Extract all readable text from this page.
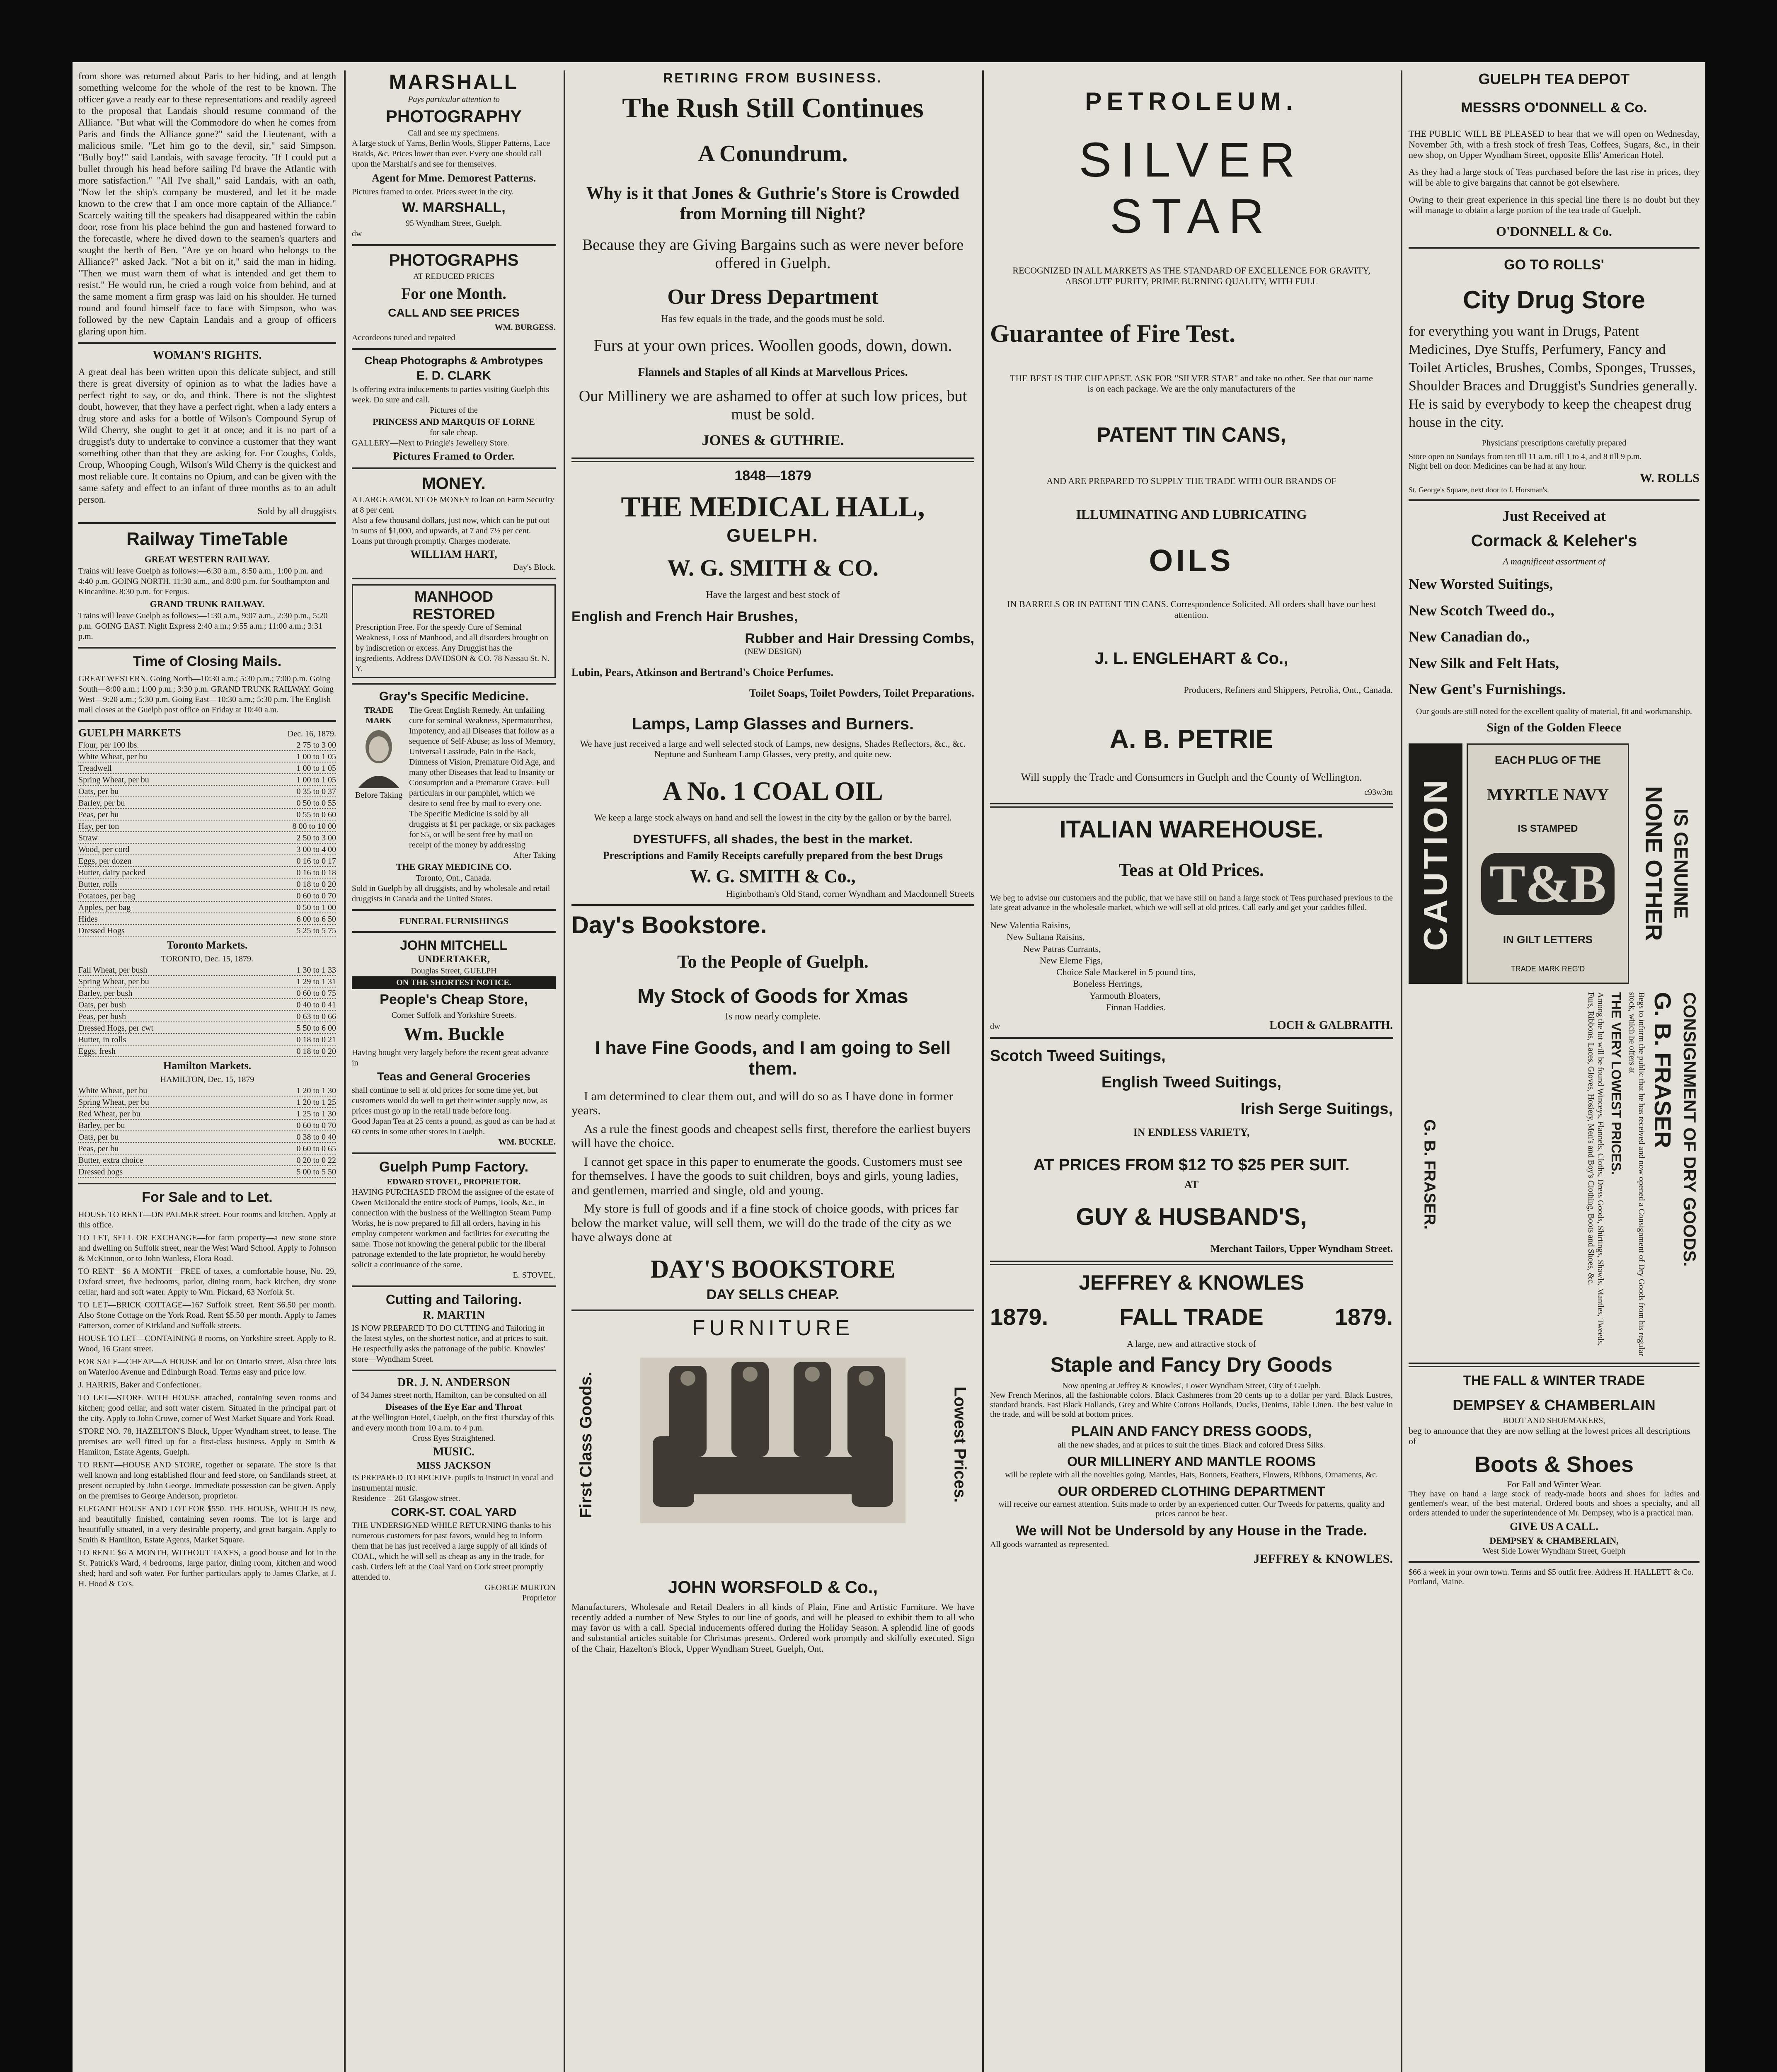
from shore was returned about Paris to her hiding, and at length something welcome for the whole of the rest to be known. The officer gave a ready ear to these representations and readily agreed to the proposal that Landais should resume command of the Alliance. "But what will the Commodore do when he comes from Paris and finds the Alliance gone?" said the Lieutenant, with a malicious smile. "Let him go to the devil, sir," said Simpson. "Bully boy!" said Landais, with savage ferocity. "If I could put a bullet through his head before sailing I'd brave the Atlantic with more satisfaction." "All I've shall," said Landais, with an oath, "Now let the ship's company be mustered, and let it be made known to the crew that I am once more captain of the Alliance." Scarcely waiting till the speakers had disappeared within the cabin door, rose from his place behind the gun and hastened forward to the forecastle, where he dived down to the seamen's quarters and sought the berth of Ben. "Are ye on board who belongs to the Alliance?" asked Jack. "Not a bit on it," said the man in hiding. "Then we must warn them of what is intended and get them to resist." He would run, he cried a rough voice from behind, and at the same moment a firm grasp was laid on his shoulder. He turned round and found himself face to face with Simpson, who was followed by the new Captain Landais and a group of officers glaring upon him.

WOMAN'S RIGHTS.

A great deal has been written upon this delicate subject, and still there is great diversity of opinion as to what the ladies have a perfect right to say, or do, and think. There is not the slightest doubt, however, that they have a perfect right, when a lady enters a drug store and asks for a bottle of Wilson's Compound Syrup of Wild Cherry, she ought to get it at once; and it is no part of a druggist's duty to undertake to convince a customer that they want something other than that they are asking for. For Coughs, Colds, Croup, Whooping Cough, Wilson's Wild Cherry is the quickest and most reliable cure. It contains no Opium, and can be given with the same safety and effect to an infant of three months as to an adult person.

Sold by all druggists

Railway TimeTable

GREAT WESTERN RAILWAY.

Trains will leave Guelph as follows:—6:30 a.m., 8:50 a.m., 1:00 p.m. and 4:40 p.m. GOING NORTH. 11:30 a.m., and 8:00 p.m. for Southampton and Kincardine. 8:30 p.m. for Fergus.

GRAND TRUNK RAILWAY.

Trains will leave Guelph as follows:—1:30 a.m., 9:07 a.m., 2:30 p.m., 5:20 p.m. GOING EAST. Night Express 2:40 a.m.; 9:55 a.m.; 11:00 a.m.; 3:31 p.m.

Time of Closing Mails.

GREAT WESTERN. Going North—10:30 a.m.; 5:30 p.m.; 7:00 p.m. Going South—8:00 a.m.; 1:00 p.m.; 3:30 p.m. GRAND TRUNK RAILWAY. Going West—9:20 a.m.; 5:30 p.m. Going East—10:30 a.m.; 5:30 p.m. The English mail closes at the Guelph post office on Friday at 10:40 a.m.

GUELPH MARKETS	Dec. 16, 1879.
Flour, per 100 lbs.	2 75 to 3 00
White Wheat, per bu	1 00 to 1 05
Treadwell	1 00 to 1 05
Spring Wheat, per bu	1 00 to 1 05
Oats, per bu	0 35 to 0 37
Barley, per bu	0 50 to 0 55
Peas, per bu	0 55 to 0 60
Hay, per ton	8 00 to 10 00
Straw	2 50 to 3 00
Wood, per cord	3 00 to 4 00
Eggs, per dozen	0 16 to 0 17
Butter, dairy packed	0 16 to 0 18
Butter, rolls	0 18 to 0 20
Potatoes, per bag	0 60 to 0 70
Apples, per bag	0 50 to 1 00
Hides	6 00 to 6 50
Dressed Hogs	5 25 to 5 75

Toronto Markets.

TORONTO, Dec. 15, 1879.

Fall Wheat, per bush	1 30 to 1 33
Spring Wheat, per bu	1 29 to 1 31
Barley, per bush	0 60 to 0 75
Oats, per bush	0 40 to 0 41
Peas, per bush	0 63 to 0 66
Dressed Hogs, per cwt	5 50 to 6 00
Butter, in rolls	0 18 to 0 21
Eggs, fresh	0 18 to 0 20

Hamilton Markets.

HAMILTON, Dec. 15, 1879

White Wheat, per bu	1 20 to 1 30
Spring Wheat, per bu	1 20 to 1 25
Red Wheat, per bu	1 25 to 1 30
Barley, per bu	0 60 to 0 70
Oats, per bu	0 38 to 0 40
Peas, per bu	0 60 to 0 65
Butter, extra choice	0 20 to 0 22
Dressed hogs	5 00 to 5 50

For Sale and to Let.

HOUSE TO RENT—ON PALMER street. Four rooms and kitchen. Apply at this office.

TO LET, SELL OR EXCHANGE—for farm property—a new stone store and dwelling on Suffolk street, near the West Ward School. Apply to Johnson & McKinnon, or to John Wanless, Elora Road.

TO RENT—$6 A MONTH—FREE of taxes, a comfortable house, No. 29, Oxford street, five bedrooms, parlor, dining room, back kitchen, dry stone cellar, hard and soft water. Apply to Wm. Pickard, 63 Norfolk St.

TO LET—BRICK COTTAGE—167 Suffolk street. Rent $6.50 per month. Also Stone Cottage on the York Road. Rent $5.50 per month. Apply to James Patterson, corner of Kirkland and Suffolk streets.

HOUSE TO LET—CONTAINING 8 rooms, on Yorkshire street. Apply to R. Wood, 16 Grant street.

FOR SALE—CHEAP—A HOUSE and lot on Ontario street. Also three lots on Waterloo Avenue and Edinburgh Road. Terms easy and price low.

J. HARRIS, Baker and Confectioner.

TO LET—STORE WITH HOUSE attached, containing seven rooms and kitchen; good cellar, and soft water cistern. Situated in the principal part of the city. Apply to John Crowe, corner of West Market Square and York Road.

STORE NO. 78, HAZELTON'S Block, Upper Wyndham street, to lease. The premises are well fitted up for a first-class business. Apply to Smith & Hamilton, Estate Agents, Guelph.

TO RENT—HOUSE AND STORE, together or separate. The store is that well known and long established flour and feed store, on Sandilands street, at present occupied by John George. Immediate possession can be given. Apply on the premises to George Anderson, proprietor.

ELEGANT HOUSE AND LOT FOR $550. THE HOUSE, WHICH IS new, and beautifully finished, containing seven rooms. The lot is large and beautifully situated, in a very desirable property, and great bargain. Apply to Smith & Hamilton, Estate Agents, Market Square.

TO RENT. $6 A MONTH, WITHOUT TAXES, a good house and lot in the St. Patrick's Ward, 4 bedrooms, large parlor, dining room, kitchen and wood shed; hard and soft water. For further particulars apply to James Clarke, at J. H. Hood & Co's.

MARSHALL

Pays particular attention to

PHOTOGRAPHY

Call and see my specimens.

A large stock of Yarns, Berlin Wools, Slipper Patterns, Lace Braids, &c. Prices lower than ever. Every one should call upon the Marshall's and see for themselves.

Agent for Mme. Demorest Patterns.

Pictures framed to order. Prices sweet in the city.

W. MARSHALL,

95 Wyndham Street, Guelph.

dw

PHOTOGRAPHS

AT REDUCED PRICES

For one Month.

CALL AND SEE PRICES

WM. BURGESS.

Accordeons tuned and repaired

Cheap Photographs & Ambrotypes

E. D. CLARK

Is offering extra inducements to parties visiting Guelph this week. Do sure and call.

Pictures of the

PRINCESS AND MARQUIS OF LORNE

for sale cheap.

GALLERY—Next to Pringle's Jewellery Store.

Pictures Framed to Order.

MONEY.

A LARGE AMOUNT OF MONEY to loan on Farm Security at 8 per cent.

Also a few thousand dollars, just now, which can be put out in sums of $1,000, and upwards, at 7 and 7½ per cent.

Loans put through promptly. Charges moderate.

WILLIAM HART,

Day's Block.

MANHOOD

RESTORED

Prescription Free. For the speedy Cure of Seminal Weakness, Loss of Manhood, and all disorders brought on by indiscretion or excess. Any Druggist has the ingredients. Address DAVIDSON & CO. 78 Nassau St. N. Y.

Gray's Specific Medicine.

TRADE MARK

Before Taking

The Great English Remedy. An unfailing cure for seminal Weakness, Spermatorrhea, Impotency, and all Diseases that follow as a sequence of Self-Abuse; as loss of Memory, Universal Lassitude, Pain in the Back, Dimness of Vision, Premature Old Age, and many other Diseases that lead to Insanity or Consumption and a Premature Grave. Full particulars in our pamphlet, which we desire to send free by mail to every one. The Specific Medicine is sold by all druggists at $1 per package, or six packages for $5, or will be sent free by mail on receipt of the money by addressing

After Taking

THE GRAY MEDICINE CO.

Toronto, Ont., Canada.

Sold in Guelph by all druggists, and by wholesale and retail druggists in Canada and the United States.

FUNERAL FURNISHINGS

JOHN MITCHELL

UNDERTAKER,

Douglas Street, GUELPH

ON THE SHORTEST NOTICE.

People's Cheap Store,

Corner Suffolk and Yorkshire Streets.

Wm. Buckle

Having bought very largely before the recent great advance in

Teas and General Groceries

shall continue to sell at old prices for some time yet, but customers would do well to get their winter supply now, as prices must go up in the retail trade before long.

Good Japan Tea at 25 cents a pound, as good as can be had at 60 cents in some other stores in Guelph.

WM. BUCKLE.

Guelph Pump Factory.

EDWARD STOVEL, PROPRIETOR.

HAVING PURCHASED FROM the assignee of the estate of Owen McDonald the entire stock of Pumps, Tools, &c., in connection with the business of the Wellington Steam Pump Works, he is now prepared to fill all orders, having in his employ competent workmen and facilities for executing the same. Those not knowing the general public for the liberal patronage extended to the late proprietor, he would hereby solicit a continuance of the same.

E. STOVEL.

Cutting and Tailoring.

R. MARTIN

IS NOW PREPARED TO DO CUTTING and Tailoring in the latest styles, on the shortest notice, and at prices to suit. He respectfully asks the patronage of the public. Knowles' store—Wyndham Street.

DR. J. N. ANDERSON

of 34 James street north, Hamilton, can be consulted on all

Diseases of the Eye Ear and Throat

at the Wellington Hotel, Guelph, on the first Thursday of this and every month from 10 a.m. to 4 p.m.

Cross Eyes Straightened.

MUSIC.

MISS JACKSON

IS PREPARED TO RECEIVE pupils to instruct in vocal and instrumental music.

Residence—261 Glasgow street.

CORK-ST. COAL YARD

THE UNDERSIGNED WHILE RETURNING thanks to his numerous customers for past favors, would beg to inform them that he has just received a large supply of all kinds of COAL, which he will sell as cheap as any in the trade, for cash. Orders left at the Coal Yard on Cork street promptly attended to.

GEORGE MURTON

Proprietor

RETIRING FROM BUSINESS.

The Rush Still Continues

A Conundrum.

Why is it that Jones & Guthrie's Store is Crowded from Morning till Night?

Because they are Giving Bargains such as were never before offered in Guelph.

Our Dress Department

Has few equals in the trade, and the goods must be sold.

Furs at your own prices. Woollen goods, down, down.

Flannels and Staples of all Kinds at Marvellous Prices.

Our Millinery we are ashamed to offer at such low prices, but must be sold.

JONES & GUTHRIE.

1848—1879

THE MEDICAL HALL,

GUELPH.

W. G. SMITH & CO.

Have the largest and best stock of

English and French Hair Brushes,

Rubber and Hair Dressing Combs,

(NEW DESIGN)

Lubin, Pears, Atkinson and Bertrand's Choice Perfumes.

Toilet Soaps, Toilet Powders, Toilet Preparations.

Lamps, Lamp Glasses and Burners.

We have just received a large and well selected stock of Lamps, new designs, Shades Reflectors, &c., &c. Neptune and Sunbeam Lamp Glasses, very pretty, and quite new.

A No. 1 COAL OIL

We keep a large stock always on hand and sell the lowest in the city by the gallon or by the barrel.

DYESTUFFS, all shades, the best in the market.

Prescriptions and Family Receipts carefully prepared from the best Drugs

W. G. SMITH & Co.,

Higinbotham's Old Stand, corner Wyndham and Macdonnell Streets

Day's Bookstore.

To the People of Guelph.

My Stock of Goods for Xmas

Is now nearly complete.

I have Fine Goods, and I am going to Sell them.

I am determined to clear them out, and will do so as I have done in former years.

As a rule the finest goods and cheapest sells first, therefore the earliest buyers will have the choice.

I cannot get space in this paper to enumerate the goods. Customers must see for themselves. I have the goods to suit children, boys and girls, young ladies, and gentlemen, married and single, old and young.

My store is full of goods and if a fine stock of choice goods, with prices far below the market value, will sell them, we will do the trade of the city as we have always done at

DAY'S BOOKSTORE

DAY SELLS CHEAP.

First Class Goods.

FURNITURE

Lowest Prices.

JOHN WORSFOLD & Co.,

Manufacturers, Wholesale and Retail Dealers in all kinds of Plain, Fine and Artistic Furniture. We have recently added a number of New Styles to our line of goods, and will be pleased to exhibit them to all who may favor us with a call. Special inducements offered during the Holiday Season. A splendid line of goods and substantial articles suitable for Christmas presents. Ordered work promptly and skilfully executed. Sign of the Chair, Hazelton's Block, Upper Wyndham Street, Guelph, Ont.

PETROLEUM.

SILVER STAR

RECOGNIZED IN ALL MARKETS AS THE STANDARD OF EXCELLENCE FOR GRAVITY, ABSOLUTE PURITY, PRIME BURNING QUALITY, WITH FULL

Guarantee of Fire Test.

THE BEST IS THE CHEAPEST. ASK FOR "SILVER STAR" and take no other. See that our name is on each package. We are the only manufacturers of the

PATENT TIN CANS,

AND ARE PREPARED TO SUPPLY THE TRADE WITH OUR BRANDS OF

ILLUMINATING AND LUBRICATING

OILS

IN BARRELS OR IN PATENT TIN CANS. Correspondence Solicited. All orders shall have our best attention.

J. L. ENGLEHART & Co.,

Producers, Refiners and Shippers, Petrolia, Ont., Canada.

A. B. PETRIE

Will supply the Trade and Consumers in Guelph and the County of Wellington.

c93w3m

ITALIAN WAREHOUSE.

Teas at Old Prices.

We beg to advise our customers and the public, that we have still on hand a large stock of Teas purchased previous to the late great advance in the wholesale market, which we will sell at old prices. Call early and get your caddies filled.

New Valentia Raisins,

New Sultana Raisins,

New Patras Currants,

New Eleme Figs,

Choice Sale Mackerel in 5 pound tins,

Boneless Herrings,

Yarmouth Bloaters,

Finnan Haddies.

dw	LOCH & GALBRAITH.

Scotch Tweed Suitings,

English Tweed Suitings,

Irish Serge Suitings,

IN ENDLESS VARIETY,

AT PRICES FROM $12 TO $25 PER SUIT.

AT

GUY & HUSBAND'S,

Merchant Tailors, Upper Wyndham Street.

JEFFREY & KNOWLES

1879.	FALL TRADE	1879.

A large, new and attractive stock of

Staple and Fancy Dry Goods

Now opening at Jeffrey & Knowles', Lower Wyndham Street, City of Guelph.

New French Merinos, all the fashionable colors. Black Cashmeres from 20 cents up to a dollar per yard. Black Lustres, standard brands. Fast Black Hollands, Grey and White Cottons Hollands, Ducks, Denims, Table Linen. The best value in the trade, and will be sold at bottom prices.

PLAIN AND FANCY DRESS GOODS,

all the new shades, and at prices to suit the times. Black and colored Dress Silks.

OUR MILLINERY AND MANTLE ROOMS

will be replete with all the novelties going. Mantles, Hats, Bonnets, Feathers, Flowers, Ribbons, Ornaments, &c.

OUR ORDERED CLOTHING DEPARTMENT

will receive our earnest attention. Suits made to order by an experienced cutter. Our Tweeds for patterns, quality and prices cannot be beat.

We will Not be Undersold by any House in the Trade.

All goods warranted as represented.

JEFFREY & KNOWLES.

GUELPH TEA DEPOT

MESSRS O'DONNELL & Co.

THE PUBLIC WILL BE PLEASED to hear that we will open on Wednesday, November 5th, with a fresh stock of fresh Teas, Coffees, Sugars, &c., in their new shop, on Upper Wyndham Street, opposite Ellis' American Hotel.

As they had a large stock of Teas purchased before the last rise in prices, they will be able to give bargains that cannot be got elsewhere.

Owing to their great experience in this special line there is no doubt but they will manage to obtain a large portion of the tea trade of Guelph.

O'DONNELL & Co.

GO TO ROLLS'

City Drug Store

for everything you want in Drugs, Patent Medicines, Dye Stuffs, Perfumery, Fancy and Toilet Articles, Brushes, Combs, Sponges, Trusses, Shoulder Braces and Druggist's Sundries generally. He is said by everybody to keep the cheapest drug house in the city.

Physicians' prescriptions carefully prepared

Store open on Sundays from ten till 11 a.m. till 1 to 4, and 8 till 9 p.m.

Night bell on door. Medicines can be had at any hour.

W. ROLLS

St. George's Square, next door to J. Horsman's.

Just Received at

Cormack & Keleher's

A magnificent assortment of

New Worsted Suitings,

New Scotch Tweed do.,

New Canadian do.,

New Silk and Felt Hats,

New Gent's Furnishings.

Our goods are still noted for the excellent quality of material, fit and workmanship.

Sign of the Golden Fleece

CAUTION
EACH PLUG OF THE
MYRTLE NAVY
IS STAMPED
T&B
IN GILT LETTERS
TRADE MARK REG'D
NONE OTHER IS GENUINE
G. B. FRASER.	CONSIGNMENT OF DRY GOODS.
G. B. FRASER
Begs to inform the public that he has received and now opened a Consignment of Dry Goods from his regular stock, which he offers at
THE VERY LOWEST PRICES.
Among the lot will be found Winceys, Flannels, Cloths, Dress Goods, Shirtings, Shawls, Mantles, Tweeds, Furs, Ribbons, Laces, Gloves, Hosiery, Men's and Boy's Clothing, Boots and Shoes, &c.

THE FALL & WINTER TRADE

DEMPSEY & CHAMBERLAIN

BOOT AND SHOEMAKERS,

beg to announce that they are now selling at the lowest prices all descriptions of

Boots & Shoes

For Fall and Winter Wear.

They have on hand a large stock of ready-made boots and shoes for ladies and gentlemen's wear, of the best material. Ordered boots and shoes a specialty, and all orders attended to under the superintendence of Mr. Dempsey, who is a practical man.

GIVE US A CALL.

DEMPSEY & CHAMBERLAIN,

West Side Lower Wyndham Street, Guelph

$66 a week in your own town. Terms and $5 outfit free. Address H. HALLETT & Co. Portland, Maine.
